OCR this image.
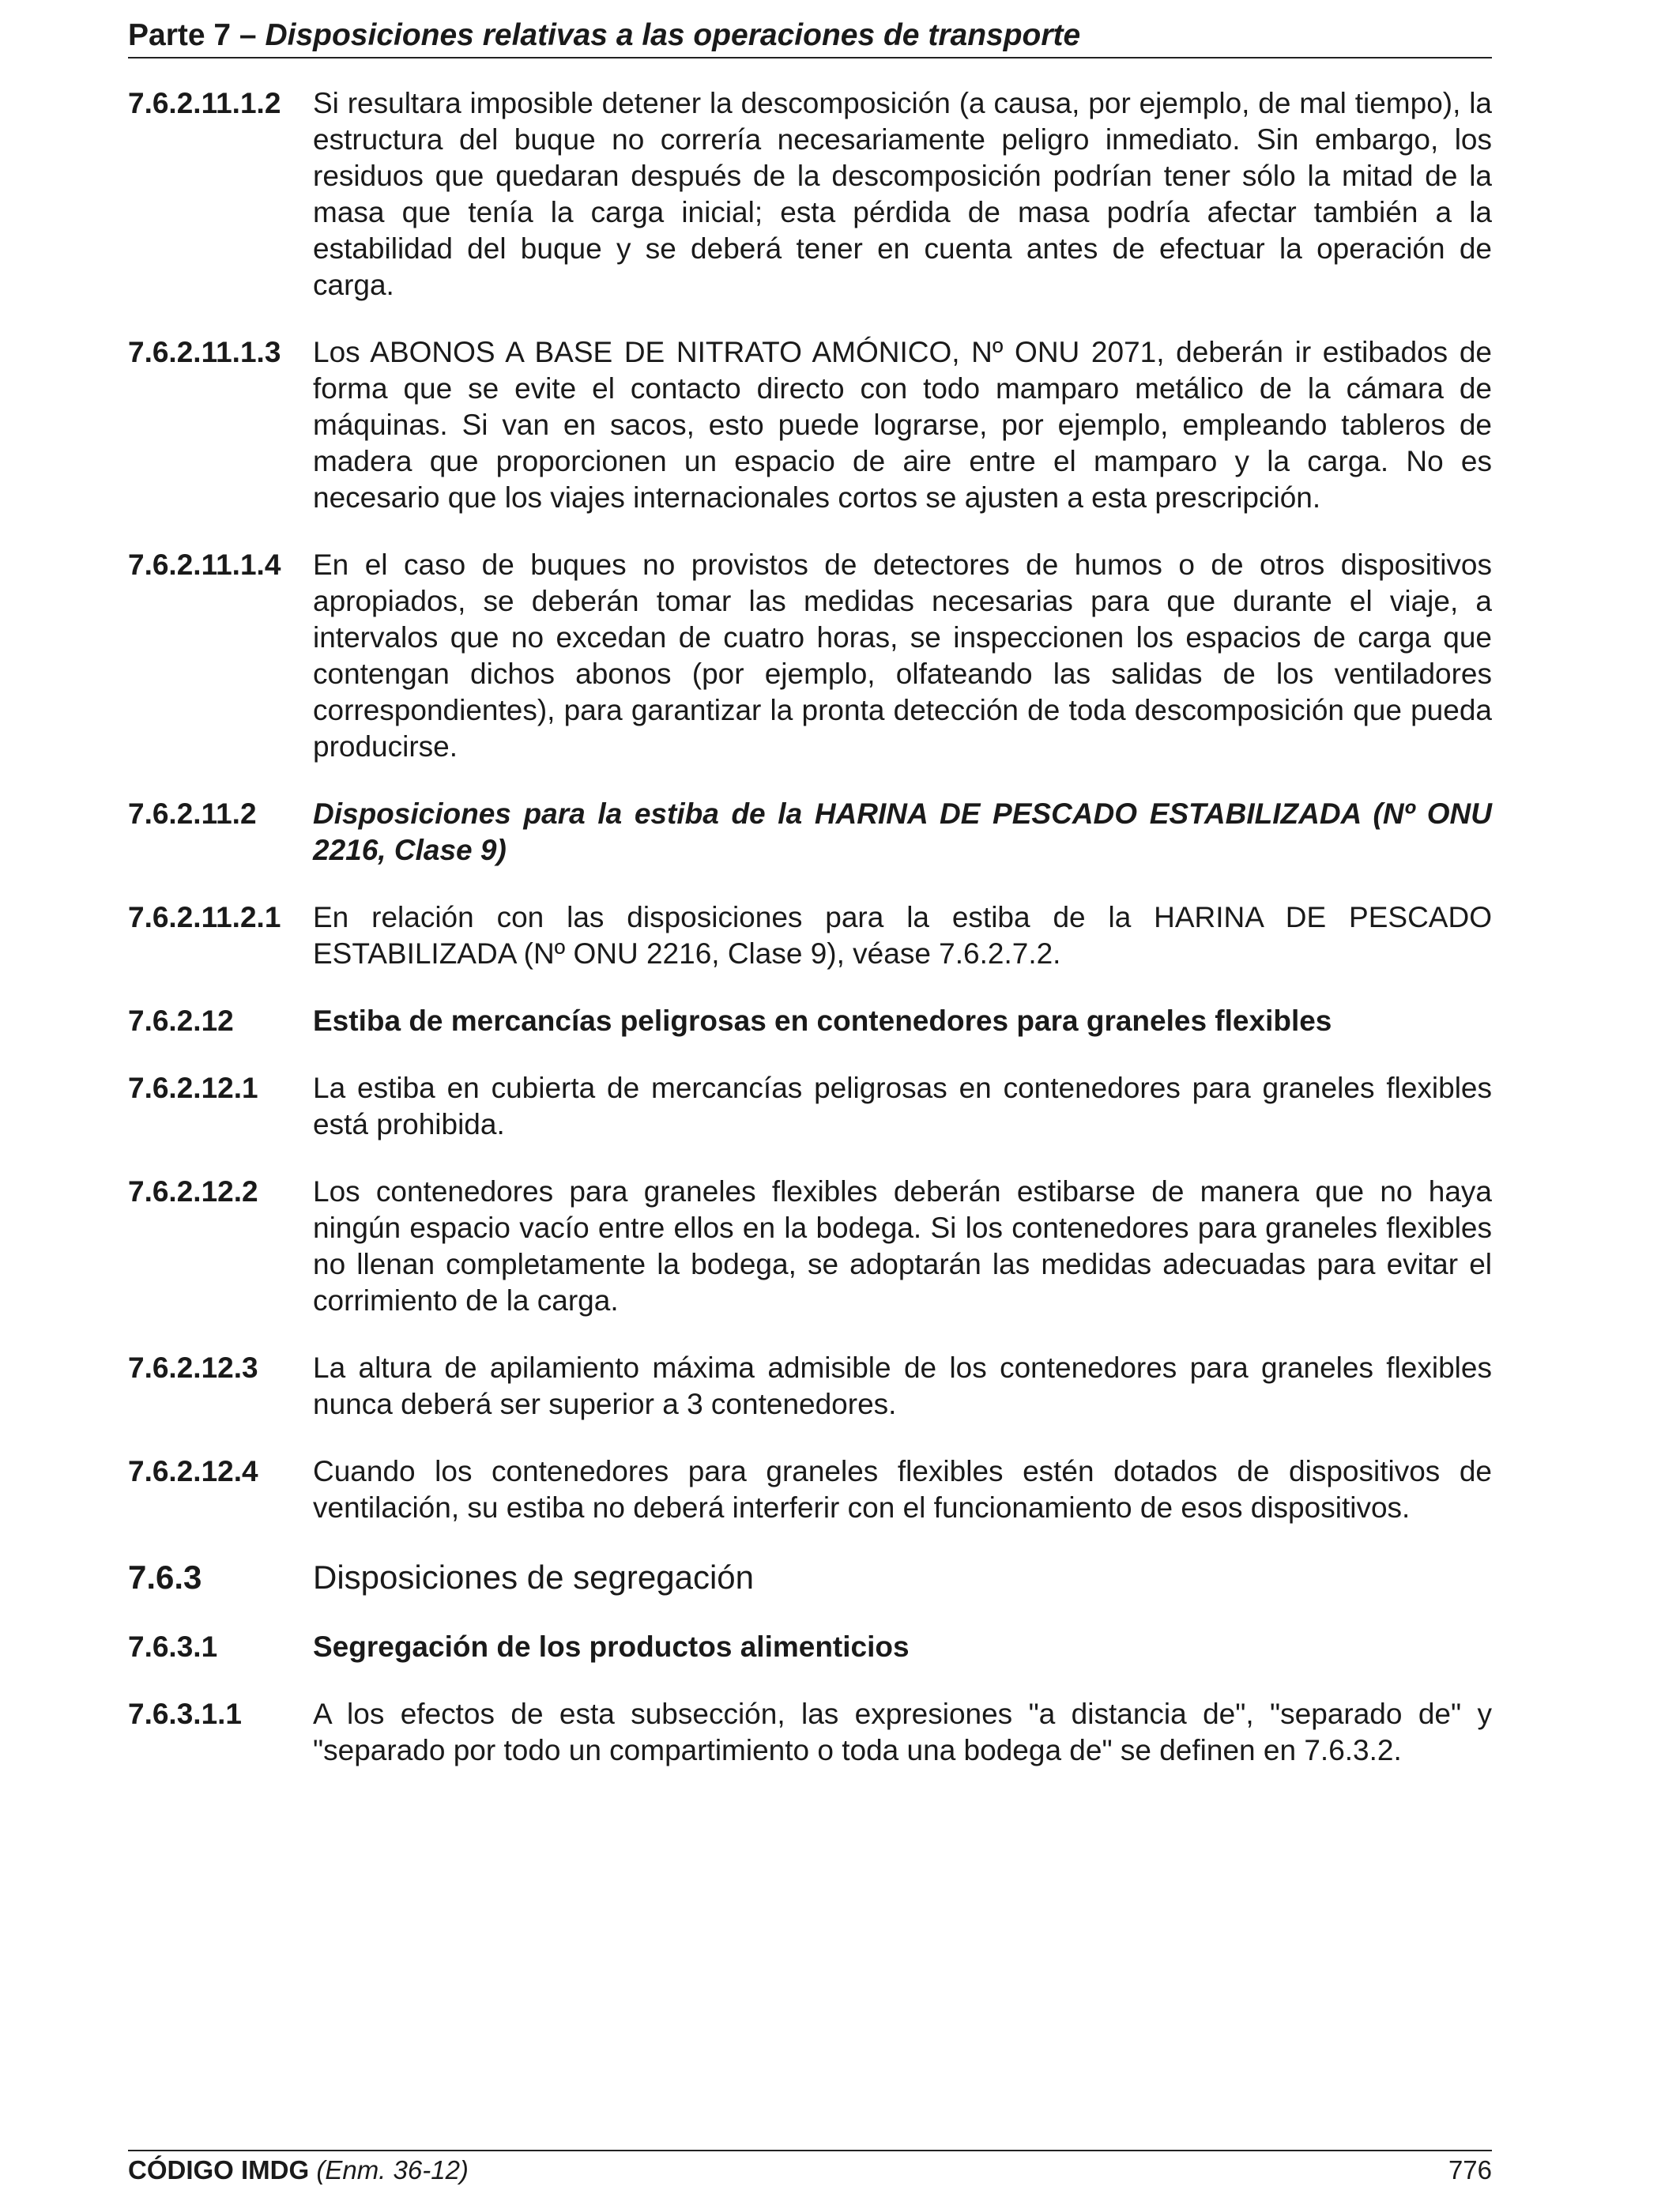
Parte 7 – Disposiciones relativas a las operaciones de transporte
7.6.2.11.1.2	Si resultara imposible detener la descomposición (a causa, por ejemplo, de mal tiempo), la estructura del buque no correría necesariamente peligro inmediato. Sin embargo, los residuos que quedaran después de la descomposición podrían tener sólo la mitad de la masa que tenía la carga inicial; esta pérdida de masa podría afectar también a la estabilidad del buque y se deberá tener en cuenta antes de efectuar la operación de carga.
7.6.2.11.1.3	Los ABONOS A BASE DE NITRATO AMÓNICO, Nº ONU 2071, deberán ir estibados de forma que se evite el contacto directo con todo mamparo metálico de la cámara de máquinas. Si van en sacos, esto puede lograrse, por ejemplo, empleando tableros de madera que proporcionen un espacio de aire entre el mamparo y la carga. No es necesario que los viajes internacionales cortos se ajusten a esta prescripción.
7.6.2.11.1.4	En el caso de buques no provistos de detectores de humos o de otros dispositivos apropiados, se deberán tomar las medidas necesarias para que durante el viaje, a intervalos que no excedan de cuatro horas, se inspeccionen los espacios de carga que contengan dichos abonos (por ejemplo, olfateando las salidas de los ventiladores correspondientes), para garantizar la pronta detección de toda descomposición que pueda producirse.
7.6.2.11.2	Disposiciones para la estiba de la HARINA DE PESCADO ESTABILIZADA (Nº ONU 2216, Clase 9)
7.6.2.11.2.1	En relación con las disposiciones para la estiba de la HARINA DE PESCADO ESTABILIZADA (Nº ONU 2216, Clase 9), véase 7.6.2.7.2.
7.6.2.12	Estiba de mercancías peligrosas en contenedores para graneles flexibles
7.6.2.12.1	La estiba en cubierta de mercancías peligrosas en contenedores para graneles flexibles está prohibida.
7.6.2.12.2	Los contenedores para graneles flexibles deberán estibarse de manera que no haya ningún espacio vacío entre ellos en la bodega. Si los contenedores para graneles flexibles no llenan completamente la bodega, se adoptarán las medidas adecuadas para evitar el corrimiento de la carga.
7.6.2.12.3	La altura de apilamiento máxima admisible de los contenedores para graneles flexibles nunca deberá ser superior a 3 contenedores.
7.6.2.12.4	Cuando los contenedores para graneles flexibles estén dotados de dispositivos de ventilación, su estiba no deberá interferir con el funcionamiento de esos dispositivos.
7.6.3	Disposiciones de segregación
7.6.3.1	Segregación de los productos alimenticios
7.6.3.1.1	A los efectos de esta subsección, las expresiones "a distancia de", "separado de" y "separado por todo un compartimiento o toda una bodega de" se definen en 7.6.3.2.
CÓDIGO IMDG (Enm. 36-12)	776
